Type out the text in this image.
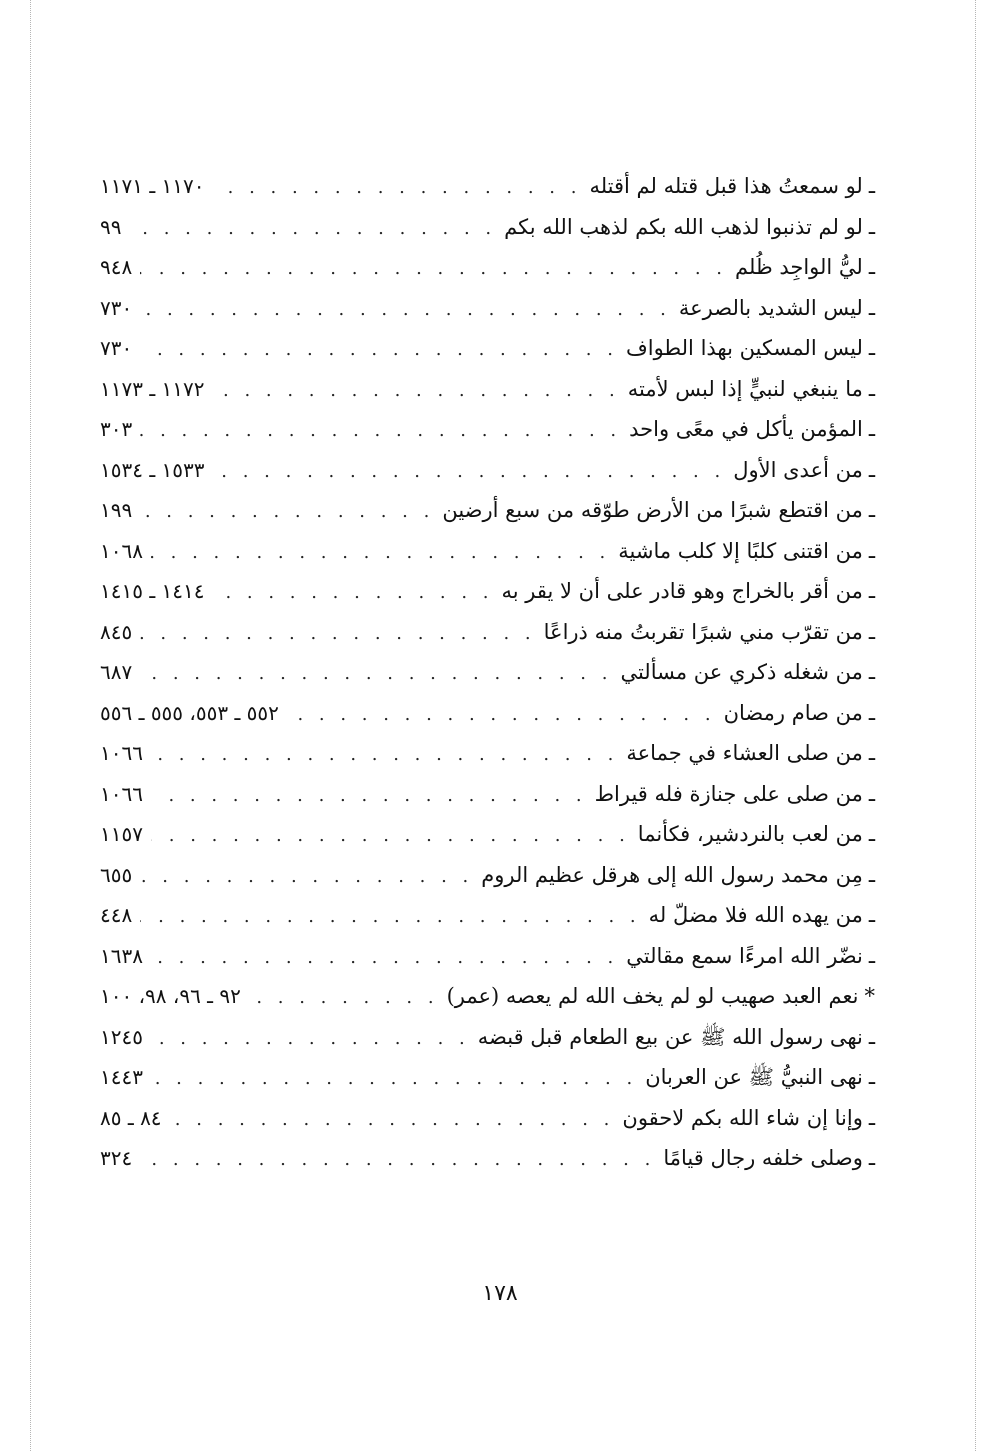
ـ
لو سمعتُ هذا قبل قتله لم أقتله
. . .
١١٧٠ ـ ١١٧١
ـ
لو لم تذنبوا لذهب الله بكم لذهب الله بكم
. . .
٩٩
ـ
ليُّ الواجِد ظُلم
. . .
٩٤٨
ـ
ليس الشديد بالصرعة
. . .
٧٣٠
ـ
ليس المسكين بهذا الطواف
. . .
٧٣٠
ـ
ما ينبغي لنبيٍّ إذا لبس لأمته
. . .
١١٧٢ ـ ١١٧٣
ـ
المؤمن يأكل في معًى واحد
. . .
٣٠٣
ـ
من أعدى الأول
. . .
١٥٣٣ ـ ١٥٣٤
ـ
من اقتطع شبرًا من الأرض طوّقه من سبع أرضين
. . .
١٩٩
ـ
من اقتنى كلبًا إلا كلب ماشية
. . .
١٠٦٨
ـ
من أقر بالخراج وهو قادر على أن لا يقر به
. . .
١٤١٤ ـ ١٤١٥
ـ
من تقرّب مني شبرًا تقربتُ منه ذراعًا
. . .
٨٤٥
ـ
من شغله ذكري عن مسألتي
. . .
٦٨٧
ـ
من صام رمضان
. . .
٥٥٢ ـ ٥٥٣، ٥٥٥ ـ ٥٥٦
ـ
من صلى العشاء في جماعة
. . .
١٠٦٦
ـ
من صلى على جنازة فله قيراط
. . .
١٠٦٦
ـ
من لعب بالنردشير، فكأنما
. . .
١١٥٧
ـ
مِن محمد رسول الله إلى هرقل عظيم الروم
. . .
٦٥٥
ـ
من يهده الله فلا مضلّ له
. . .
٤٤٨
ـ
نضّر الله امرءًا سمع مقالتي
. . .
١٦٣٨
*
نعم العبد صهيب لو لم يخف الله لم يعصه (عمر)
. . .
٩٢ ـ ٩٦، ٩٨، ١٠٠
ـ
نهى رسول الله ﷺ عن بيع الطعام قبل قبضه
. . .
١٢٤٥
ـ
نهى النبيُّ ﷺ عن العربان
. . .
١٤٤٣
ـ
وإنا إن شاء الله بكم لاحقون
. . .
٨٤ ـ ٨٥
ـ
وصلى خلفه رجال قيامًا
. . .
٣٢٤
١٧٨
